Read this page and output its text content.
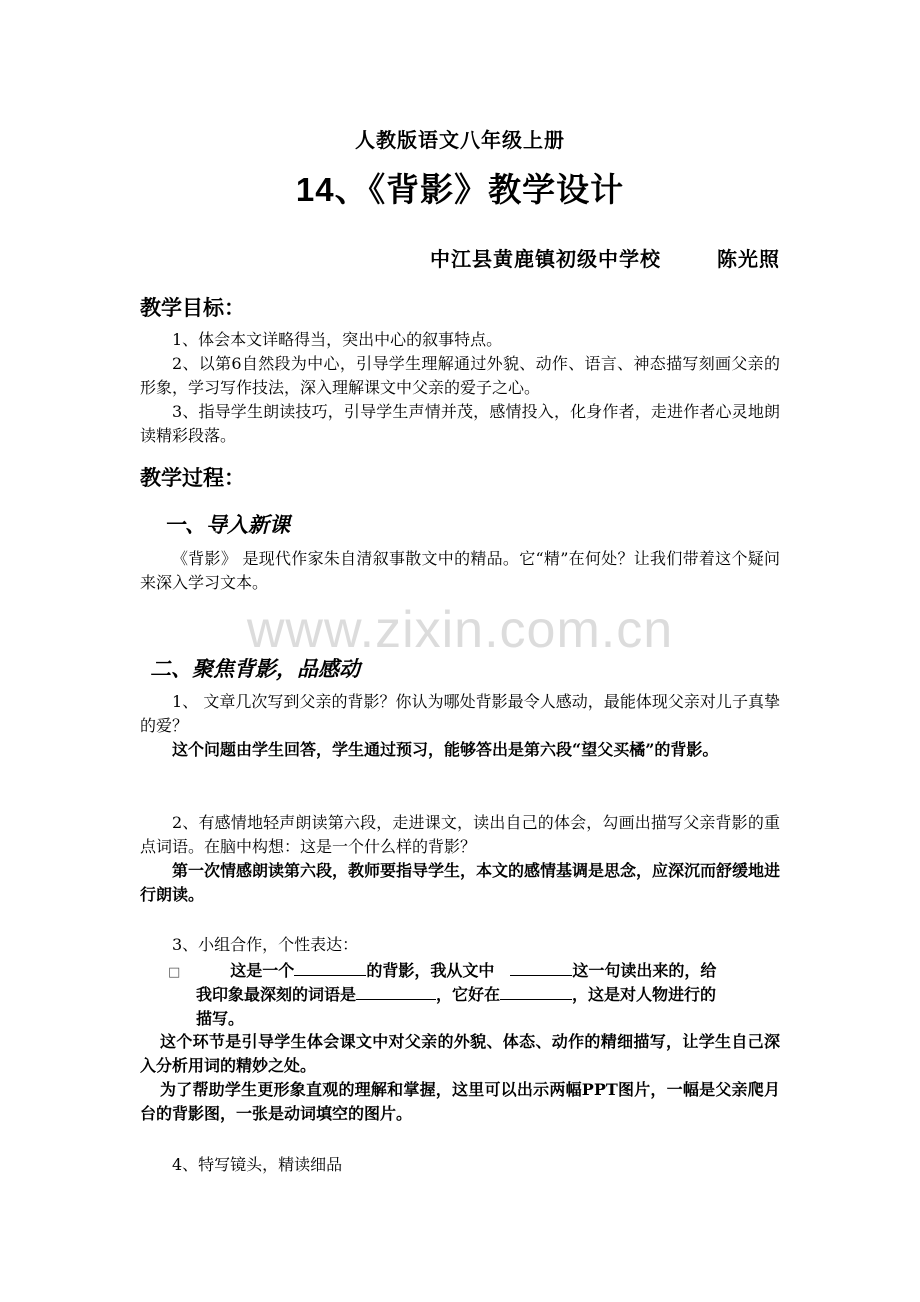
人教版语文八年级上册
14、《背影》教学设计
中江县黄鹿镇初级中学校	陈光照
教学目标：

1、体会本文详略得当，突出中心的叙事特点。

2、以第6自然段为中心，引导学生理解通过外貌、动作、语言、神态描写刻画父亲的形象，学习写作技法，深入理解课文中父亲的爱子之心。

3、指导学生朗读技巧，引导学生声情并茂，感情投入，化身作者，走进作者心灵地朗读精彩段落。

教学过程：
一、导入新课

《背影》 是现代作家朱自清叙事散文中的精品。它“精”在何处？让我们带着这个疑问来深入学习文本。

www.zixin.com.cn
二、聚焦背影，品感动

1、 文章几次写到父亲的背影？你认为哪处背影最令人感动，最能体现父亲对儿子真挚的爱？

这个问题由学生回答，学生通过预习，能够答出是第六段“望父买橘”的背影。

2、有感情地轻声朗读第六段，走进课文，读出自己的体会，勾画出描写父亲背影的重点词语。在脑中构想：这是一个什么样的背影？

第一次情感朗读第六段，教师要指导学生，本文的感情基调是思念，应深沉而舒缓地进行朗读。

3、小组合作，个性表达：
□	这是一个	的背影，我从文中	这一句读出来的，给
我印象最深刻的词语是	，它好在	，这是对人物进行的
描写。

这个环节是引导学生体会课文中对父亲的外貌、体态、动作的精细描写，让学生自己深入分析用词的精妙之处。

为了帮助学生更形象直观的理解和掌握，这里可以出示两幅PPT图片，一幅是父亲爬月台的背影图，一张是动词填空的图片。

4、特写镜头，精读细品
